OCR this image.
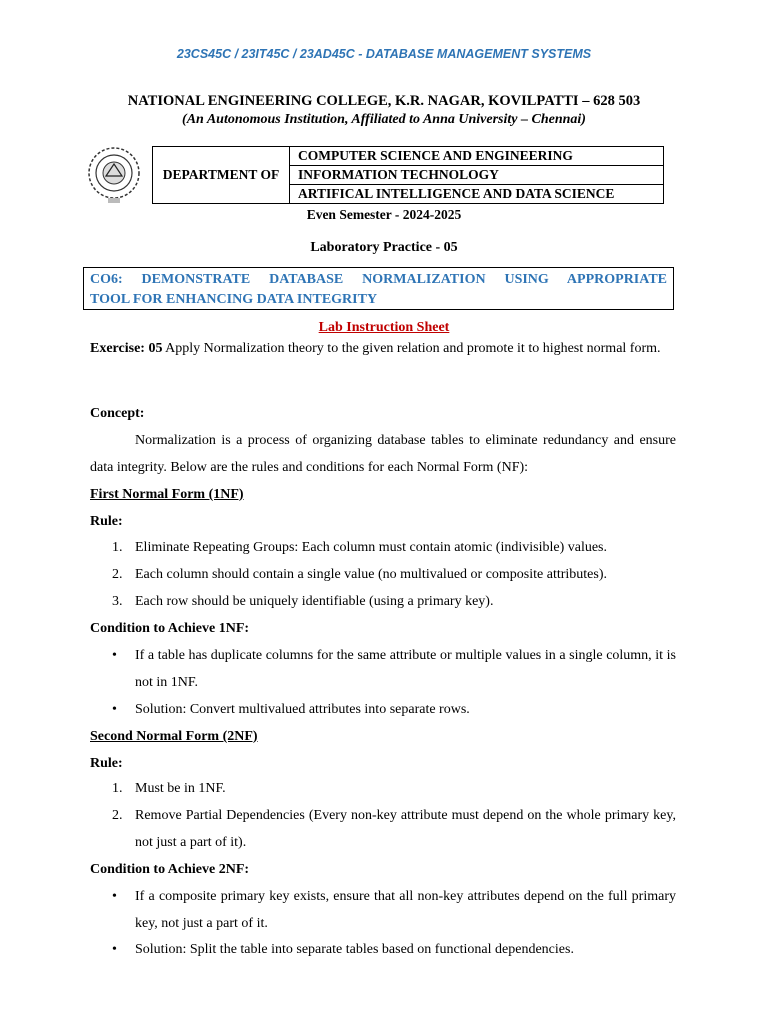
23CS45C / 23IT45C / 23AD45C - DATABASE MANAGEMENT SYSTEMS
NATIONAL ENGINEERING COLLEGE, K.R. NAGAR, KOVILPATTI – 628 503
(An Autonomous Institution, Affiliated to Anna University – Chennai)
DEPARTMENT OF	COMPUTER SCIENCE AND ENGINEERING
INFORMATION TECHNOLOGY
ARTIFICAL INTELLIGENCE AND DATA SCIENCE
Even Semester - 2024-2025
Laboratory Practice - 05
CO6: DEMONSTRATE DATABASE NORMALIZATION USING APPROPRIATE
TOOL FOR ENHANCING DATA INTEGRITY
Lab Instruction Sheet
Exercise: 05 Apply Normalization theory to the given relation and promote it to highest normal form.
Concept:
Normalization is a process of organizing database tables to eliminate redundancy and ensure data integrity. Below are the rules and conditions for each Normal Form (NF):
First Normal Form (1NF)
Rule:
1. Eliminate Repeating Groups: Each column must contain atomic (indivisible) values.
2. Each column should contain a single value (no multivalued or composite attributes).
3. Each row should be uniquely identifiable (using a primary key).
Condition to Achieve 1NF:
•	If a table has duplicate columns for the same attribute or multiple values in a single column, it is not in 1NF.
•	Solution: Convert multivalued attributes into separate rows.
Second Normal Form (2NF)
Rule:
1. Must be in 1NF.
2. Remove Partial Dependencies (Every non-key attribute must depend on the whole primary key, not just a part of it).
Condition to Achieve 2NF:
•	If a composite primary key exists, ensure that all non-key attributes depend on the full primary key, not just a part of it.
•	Solution: Split the table into separate tables based on functional dependencies.
